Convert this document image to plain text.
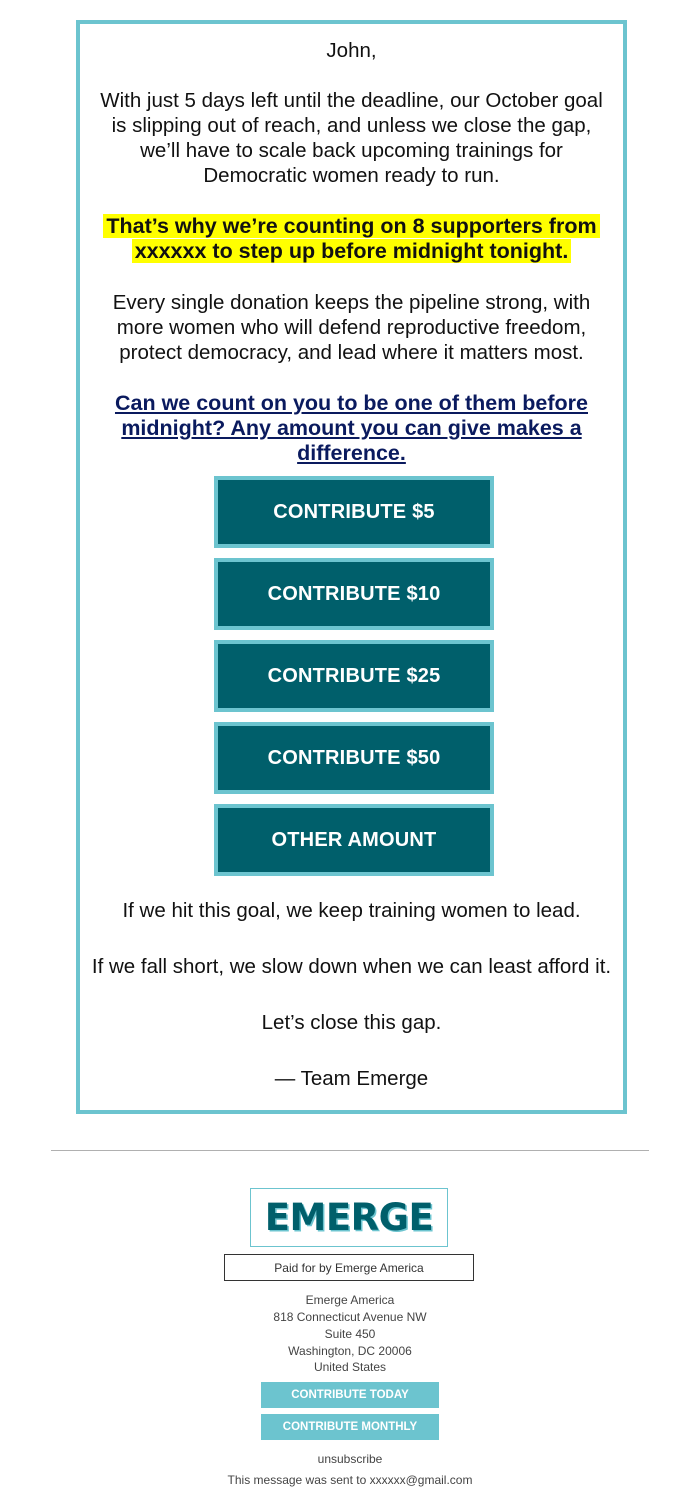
John,

With just 5 days left until the deadline, our October goal is slipping out of reach, and unless we close the gap, we’ll have to scale back upcoming trainings for Democratic women ready to run.

That’s why we’re counting on 8 supporters from xxxxxx to step up before midnight tonight.

Every single donation keeps the pipeline strong, with more women who will defend reproductive freedom, protect democracy, and lead where it matters most.

Can we count on you to be one of them before midnight? Any amount you can give makes a difference.

CONTRIBUTE $5
CONTRIBUTE $10
CONTRIBUTE $25
CONTRIBUTE $50
OTHER AMOUNT

If we hit this goal, we keep training women to lead.

If we fall short, we slow down when we can least afford it.

Let’s close this gap.

— Team Emerge

EMERGE
Paid for by Emerge America
Emerge America
818 Connecticut Avenue NW
Suite 450
Washington, DC 20006
United States
CONTRIBUTE TODAY
CONTRIBUTE MONTHLY
unsubscribe
This message was sent to xxxxxx@gmail.com
